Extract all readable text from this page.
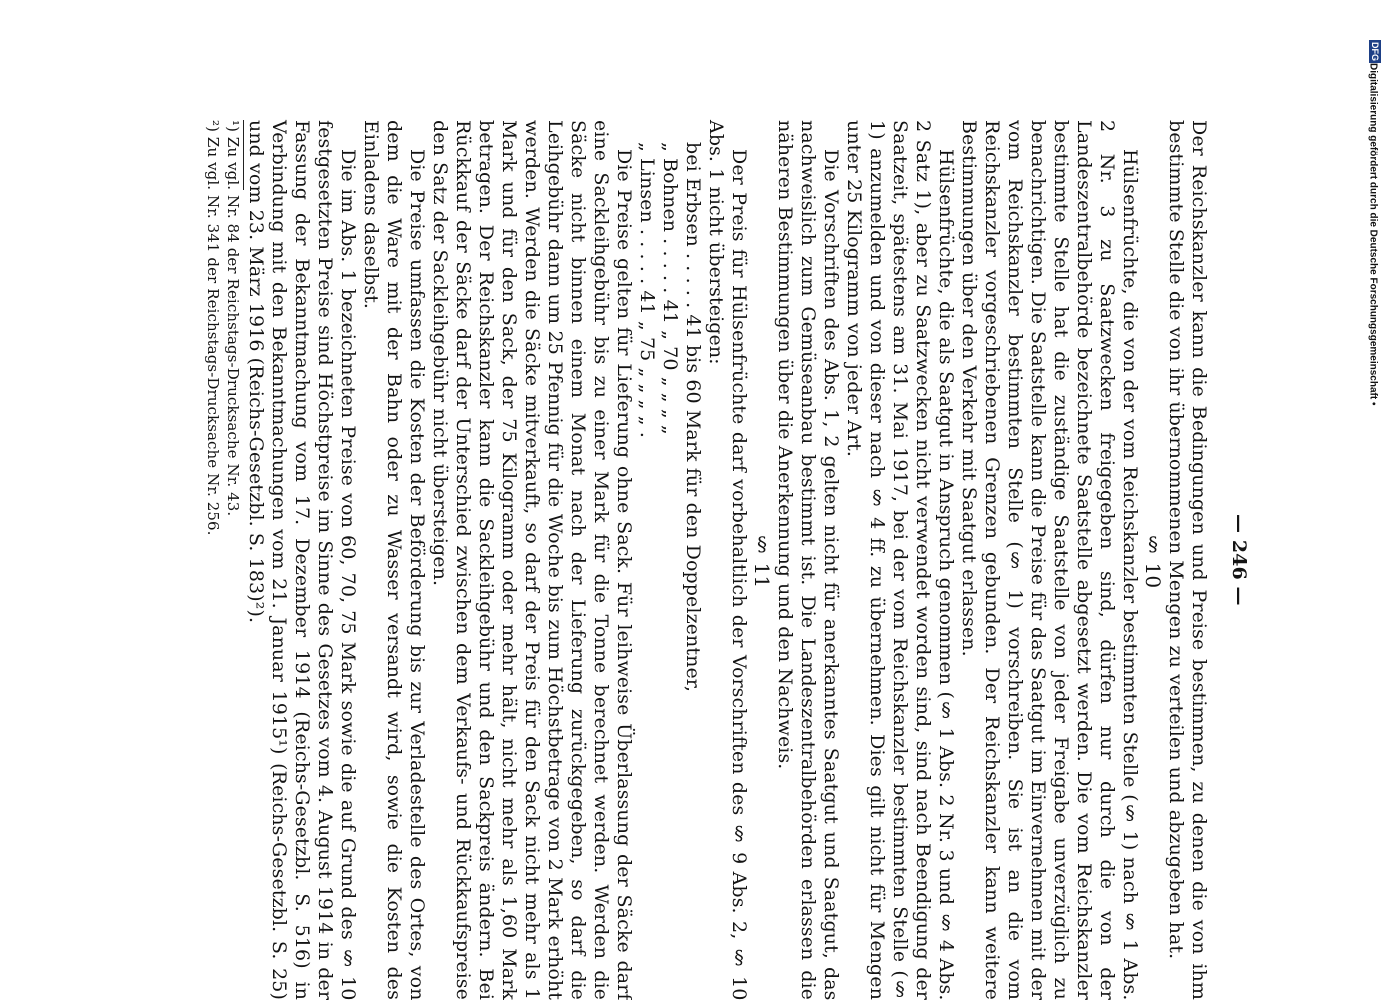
— 246 —

Der Reichskanzler kann die Bedingungen und Preise bestimmen, zu denen die von ihm bestimmte Stelle die von ihr übernommenen Mengen zu verteilen und abzugeben hat.

§ 10

Hülsenfrüchte, die von der vom Reichskanzler bestimmten Stelle (§ 1) nach § 1 Abs. 2 Nr. 3 zu Saatzwecken freigegeben sind, dürfen nur durch die von der Landeszentralbehörde bezeichnete Saatstelle abgesetzt werden. Die vom Reichskanzler bestimmte Stelle hat die zuständige Saatstelle von jeder Freigabe unverzüglich zu benachrichtigen. Die Saatstelle kann die Preise für das Saatgut im Einvernehmen mit der vom Reichskanzler bestimmten Stelle (§ 1) vorschreiben. Sie ist an die vom Reichskanzler vorgeschriebenen Grenzen gebunden. Der Reichskanzler kann weitere Bestimmungen über den Verkehr mit Saatgut erlassen.

Hülsenfrüchte, die als Saatgut in Anspruch genommen (§ 1 Abs. 2 Nr. 3 und § 4 Abs. 2 Satz 1), aber zu Saatzwecken nicht verwendet worden sind, sind nach Beendigung der Saatzeit, spätestens am 31. Mai 1917, bei der vom Reichskanzler bestimmten Stelle (§ 1) anzumelden und von dieser nach § 4 ff. zu übernehmen. Dies gilt nicht für Mengen unter 25 Kilogramm von jeder Art.

Die Vorschriften des Abs. 1, 2 gelten nicht für anerkanntes Saatgut und Saatgut, das nachweislich zum Gemüseanbau bestimmt ist. Die Landeszentralbehörden erlassen die näheren Bestimmungen über die Anerkennung und den Nachweis.

§ 11

Der Preis für Hülsenfrüchte darf vorbehaltlich der Vorschriften des § 9 Abs. 2, § 10 Abs. 1 nicht übersteigen:

bei Erbsen . . . . . 41 bis 60 Mark für den Doppelzentner,
„ Bohnen . . . . . 41 „ 70 „ „ „ „
„ Linsen . . . . . 41 „ 75 „ „ „ „ .

Die Preise gelten für Lieferung ohne Sack. Für leihweise Überlassung der Säcke darf eine Sackleihgebühr bis zu einer Mark für die Tonne berechnet werden. Werden die Säcke nicht binnen einem Monat nach der Lieferung zurückgegeben, so darf die Leihgebühr dann um 25 Pfennig für die Woche bis zum Höchstbetrage von 2 Mark erhöht werden. Werden die Säcke mitverkauft, so darf der Preis für den Sack nicht mehr als 1 Mark und für den Sack, der 75 Kilogramm oder mehr hält, nicht mehr als 1,60 Mark betragen. Der Reichskanzler kann die Sackleihgebühr und den Sackpreis ändern. Bei Rückkauf der Säcke darf der Unterschied zwischen dem Verkaufs- und Rückkaufspreise den Satz der Sackleihgebühr nicht übersteigen.

Die Preise umfassen die Kosten der Beförderung bis zur Verladestelle des Ortes, von dem die Ware mit der Bahn oder zu Wasser versandt wird, sowie die Kosten des Einladens daselbst.

Die im Abs. 1 bezeichneten Preise von 60, 70, 75 Mark sowie die auf Grund des § 10 festgesetzten Preise sind Höchstpreise im Sinne des Gesetzes vom 4. August 1914 in der Fassung der Bekanntmachung vom 17. Dezember 1914 (Reichs-Gesetzbl. S. 516) in Verbindung mit den Bekanntmachungen vom 21. Januar 1915¹) (Reichs-Gesetzbl. S. 25) und vom 23. März 1916 (Reichs-Gesetzbl. S. 183)²).

¹) Zu vgl. Nr. 84 der Reichstags-Drucksache Nr. 43.

²) Zu vgl. Nr. 341 der Reichstags-Drucksache Nr. 256.

DFG
Digitalisierung gefördert durch die Deutsche Forschungsgemeinschaft •
